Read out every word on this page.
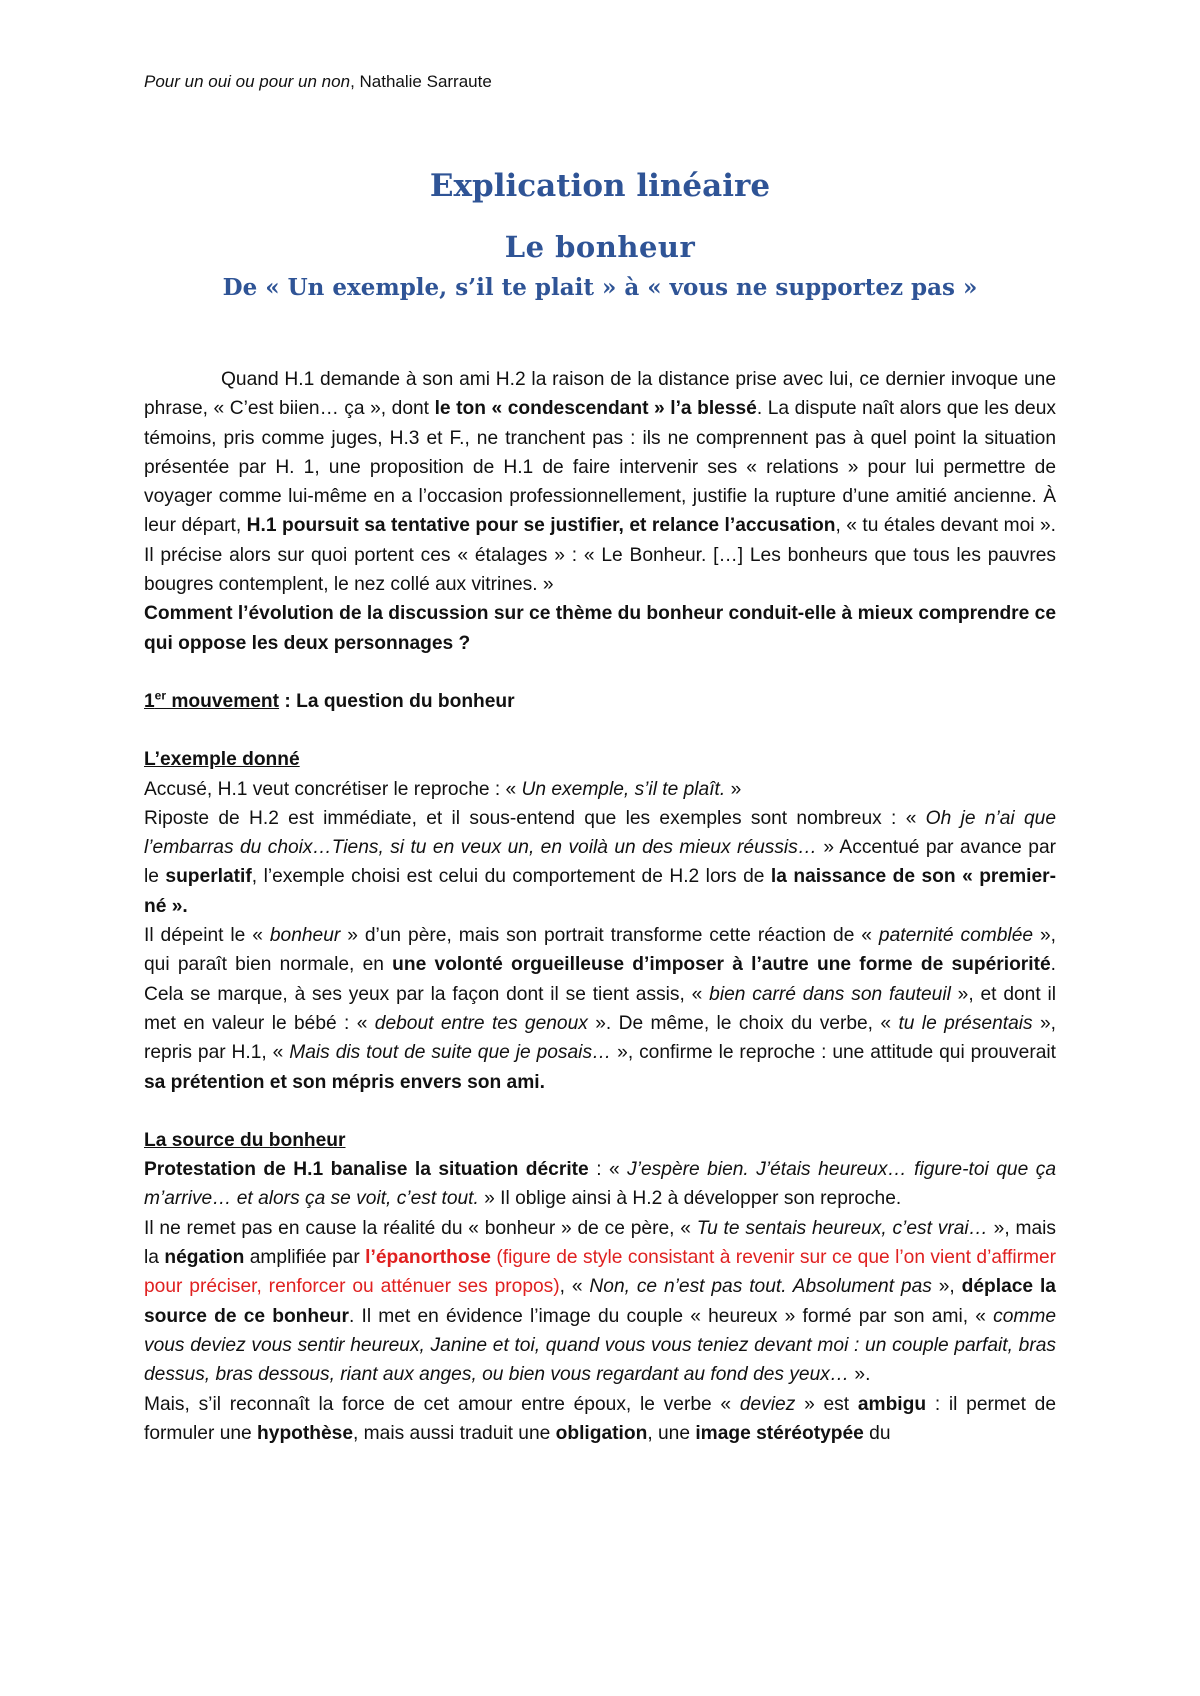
Pour un oui ou pour un non, Nathalie Sarraute
Explication linéaire
Le bonheur
De « Un exemple, s’il te plait » à « vous ne supportez pas »

Quand H.1 demande à son ami H.2 la raison de la distance prise avec lui, ce dernier invoque une phrase, « C’est biien… ça », dont le ton « condescendant » l’a blessé. La dispute naît alors que les deux témoins, pris comme juges, H.3 et F., ne tranchent pas : ils ne comprennent pas à quel point la situation présentée par H. 1, une proposition de H.1 de faire intervenir ses « relations » pour lui permettre de voyager comme lui-même en a l’occasion professionnellement, justifie la rupture d’une amitié ancienne. À leur départ, H.1 poursuit sa tentative pour se justifier, et relance l’accusation, « tu étales devant moi ». Il précise alors sur quoi portent ces « étalages » : « Le Bonheur. […] Les bonheurs que tous les pauvres bougres contemplent, le nez collé aux vitrines. »

Comment l’évolution de la discussion sur ce thème du bonheur conduit-elle à mieux comprendre ce qui oppose les deux personnages ?

1er mouvement : La question du bonheur

L’exemple donné

Accusé, H.1 veut concrétiser le reproche : « Un exemple, s’il te plaît. »

Riposte de H.2 est immédiate, et il sous-entend que les exemples sont nombreux : « Oh je n’ai que l’embarras du choix…Tiens, si tu en veux un, en voilà un des mieux réussis… » Accentué par avance par le superlatif, l’exemple choisi est celui du comportement de H.2 lors de la naissance de son « premier-né ».

Il dépeint le « bonheur » d’un père, mais son portrait transforme cette réaction de « paternité comblée », qui paraît bien normale, en une volonté orgueilleuse d’imposer à l’autre une forme de supériorité. Cela se marque, à ses yeux par la façon dont il se tient assis, « bien carré dans son fauteuil », et dont il met en valeur le bébé : « debout entre tes genoux ». De même, le choix du verbe, « tu le présentais », repris par H.1, « Mais dis tout de suite que je posais… », confirme le reproche : une attitude qui prouverait sa prétention et son mépris envers son ami.

La source du bonheur

Protestation de H.1 banalise la situation décrite : « J’espère bien. J’étais heureux… figure-toi que ça m’arrive… et alors ça se voit, c’est tout. » Il oblige ainsi à H.2 à développer son reproche.

Il ne remet pas en cause la réalité du « bonheur » de ce père, « Tu te sentais heureux, c’est vrai… », mais la négation amplifiée par l’épanorthose (figure de style consistant à revenir sur ce que l’on vient d’affirmer pour préciser, renforcer ou atténuer ses propos), « Non, ce n’est pas tout. Absolument pas », déplace la source de ce bonheur. Il met en évidence l’image du couple « heureux » formé par son ami, « comme vous deviez vous sentir heureux, Janine et toi, quand vous vous teniez devant moi : un couple parfait, bras dessus, bras dessous, riant aux anges, ou bien vous regardant au fond des yeux… ».

Mais, s’il reconnaît la force de cet amour entre époux, le verbe « deviez » est ambigu : il permet de formuler une hypothèse, mais aussi traduit une obligation, une image stéréotypée du
